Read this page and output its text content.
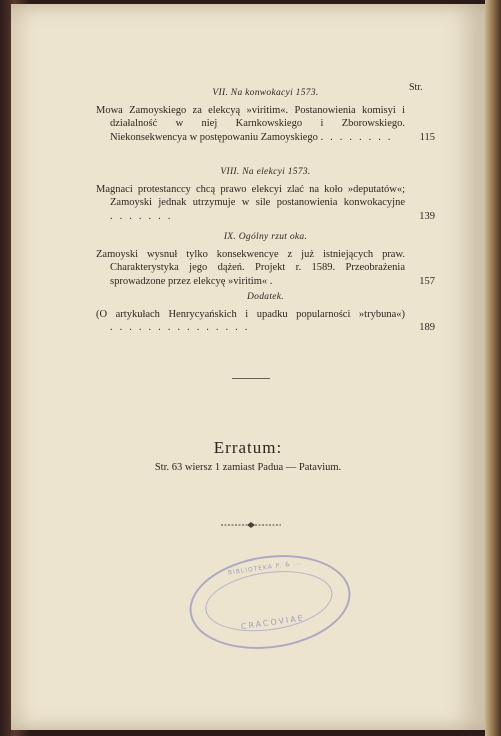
Str.
VII. Na konwokacyi 1573.
Mowa Zamoyskiego za elekcyą »viritim«. Postanowienia komisyi i działalność w niej Karnkowskiego i Zborowskiego. Niekonsekwencya w postępowaniu Zamoyskiego ........ 115
VIII. Na elekcyi 1573.
Magnaci protestanccy chcą prawo elekcyi zlać na koło »deputatów«; Zamoyski jednak utrzymuje w sile postanowienia konwokacyjne .......	139
IX. Ogólny rzut oka.
Zamoyski wysnuł tylko konsekwencye z już istniejących praw. Charakterystyka jego dążeń. Projekt r. 1589. Przeobrażenia sprowadzone przez elekcyę »viritim« .	157
Dodatek.
(O artykułach Henrycyańskich i upadku popularności »trybuna«) ...............	189
Erratum:
Str. 63 wiersz 1 zamiast Padua — Patavium.
BIBLIOTEKA P. & ...
CRACOVIAE
